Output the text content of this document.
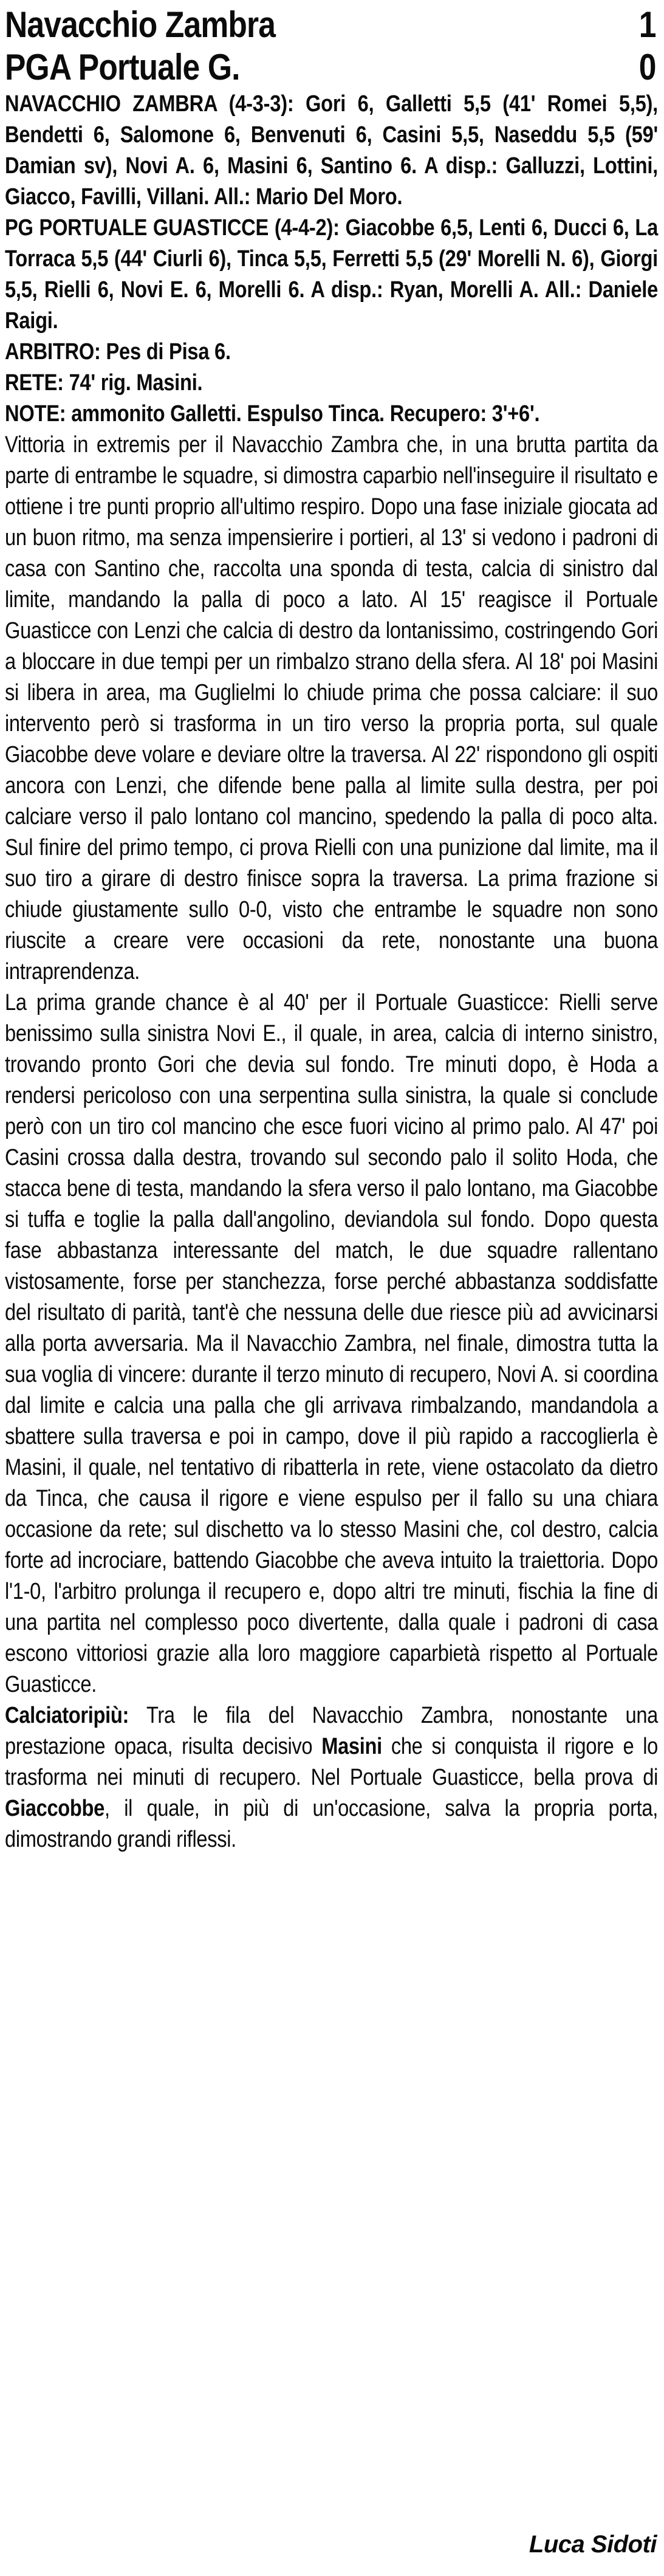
Navacchio Zambra	1
PGA Portuale G.	0

NAVACCHIO ZAMBRA (4-3-3): Gori 6, Galletti 5,5 (41' Romei 5,5), Bendetti 6, Salomone 6, Benvenuti 6, Casini 5,5, Naseddu 5,5 (59' Damian sv), Novi A. 6, Masini 6, Santino 6. A disp.: Galluzzi, Lottini, Giacco, Favilli, Villani. All.: Mario Del Moro.

PG PORTUALE GUASTICCE (4-4-2): Giacobbe 6,5, Lenti 6, Ducci 6, La Torraca 5,5 (44' Ciurli 6), Tinca 5,5, Ferretti 5,5 (29' Morelli N. 6), Giorgi 5,5, Rielli 6, Novi E. 6, Morelli 6. A disp.: Ryan, Morelli A. All.: Daniele Raigi.

ARBITRO: Pes di Pisa 6.

RETE: 74' rig. Masini.

NOTE: ammonito Galletti. Espulso Tinca. Recupero: 3'+6'.

Vittoria in extremis per il Navacchio Zambra che, in una brutta partita da parte di entrambe le squadre, si dimostra caparbio nell'inseguire il risultato e ottiene i tre punti proprio all'ultimo respiro. Dopo una fase iniziale giocata ad un buon ritmo, ma senza impensierire i portieri, al 13' si vedono i padroni di casa con Santino che, raccolta una sponda di testa, calcia di sinistro dal limite, mandando la palla di poco a lato. Al 15' reagisce il Portuale Guasticce con Lenzi che calcia di destro da lontanissimo, costringendo Gori a bloccare in due tempi per un rimbalzo strano della sfera. Al 18' poi Masini si libera in area, ma Guglielmi lo chiude prima che possa calciare: il suo intervento però si trasforma in un tiro verso la propria porta, sul quale Giacobbe deve volare e deviare oltre la traversa. Al 22' rispondono gli ospiti ancora con Lenzi, che difende bene palla al limite sulla destra, per poi calciare verso il palo lontano col mancino, spedendo la palla di poco alta. Sul finire del primo tempo, ci prova Rielli con una punizione dal limite, ma il suo tiro a girare di destro finisce sopra la traversa. La prima frazione si chiude giustamente sullo 0-0, visto che entrambe le squadre non sono riuscite a creare vere occasioni da rete, nonostante una buona intraprendenza.

La prima grande chance è al 40' per il Portuale Guasticce: Rielli serve benissimo sulla sinistra Novi E., il quale, in area, calcia di interno sinistro, trovando pronto Gori che devia sul fondo. Tre minuti dopo, è Hoda a rendersi pericoloso con una serpentina sulla sinistra, la quale si conclude però con un tiro col mancino che esce fuori vicino al primo palo. Al 47' poi Casini crossa dalla destra, trovando sul secondo palo il solito Hoda, che stacca bene di testa, mandando la sfera verso il palo lontano, ma Giacobbe si tuffa e toglie la palla dall'angolino, deviandola sul fondo. Dopo questa fase abbastanza interessante del match, le due squadre rallentano vistosamente, forse per stanchezza, forse perché abbastanza soddisfatte del risultato di parità, tant'è che nessuna delle due riesce più ad avvicinarsi alla porta avversaria. Ma il Navacchio Zambra, nel finale, dimostra tutta la sua voglia di vincere: durante il terzo minuto di recupero, Novi A. si coordina dal limite e calcia una palla che gli arrivava rimbalzando, mandandola a sbattere sulla traversa e poi in campo, dove il più rapido a raccoglierla è Masini, il quale, nel tentativo di ribatterla in rete, viene ostacolato da dietro da Tinca, che causa il rigore e viene espulso per il fallo su una chiara occasione da rete; sul dischetto va lo stesso Masini che, col destro, calcia forte ad incrociare, battendo Giacobbe che aveva intuito la traiettoria. Dopo l'1-0, l'arbitro prolunga il recupero e, dopo altri tre minuti, fischia la fine di una partita nel complesso poco divertente, dalla quale i padroni di casa escono vittoriosi grazie alla loro maggiore caparbietà rispetto al Portuale Guasticce.

Calciatoripiù: Tra le fila del Navacchio Zambra, nonostante una prestazione opaca, risulta decisivo Masini che si conquista il rigore e lo trasforma nei minuti di recupero. Nel Portuale Guasticce, bella prova di Giaccobbe, il quale, in più di un'occasione, salva la propria porta, dimostrando grandi riflessi.

Luca Sidoti
